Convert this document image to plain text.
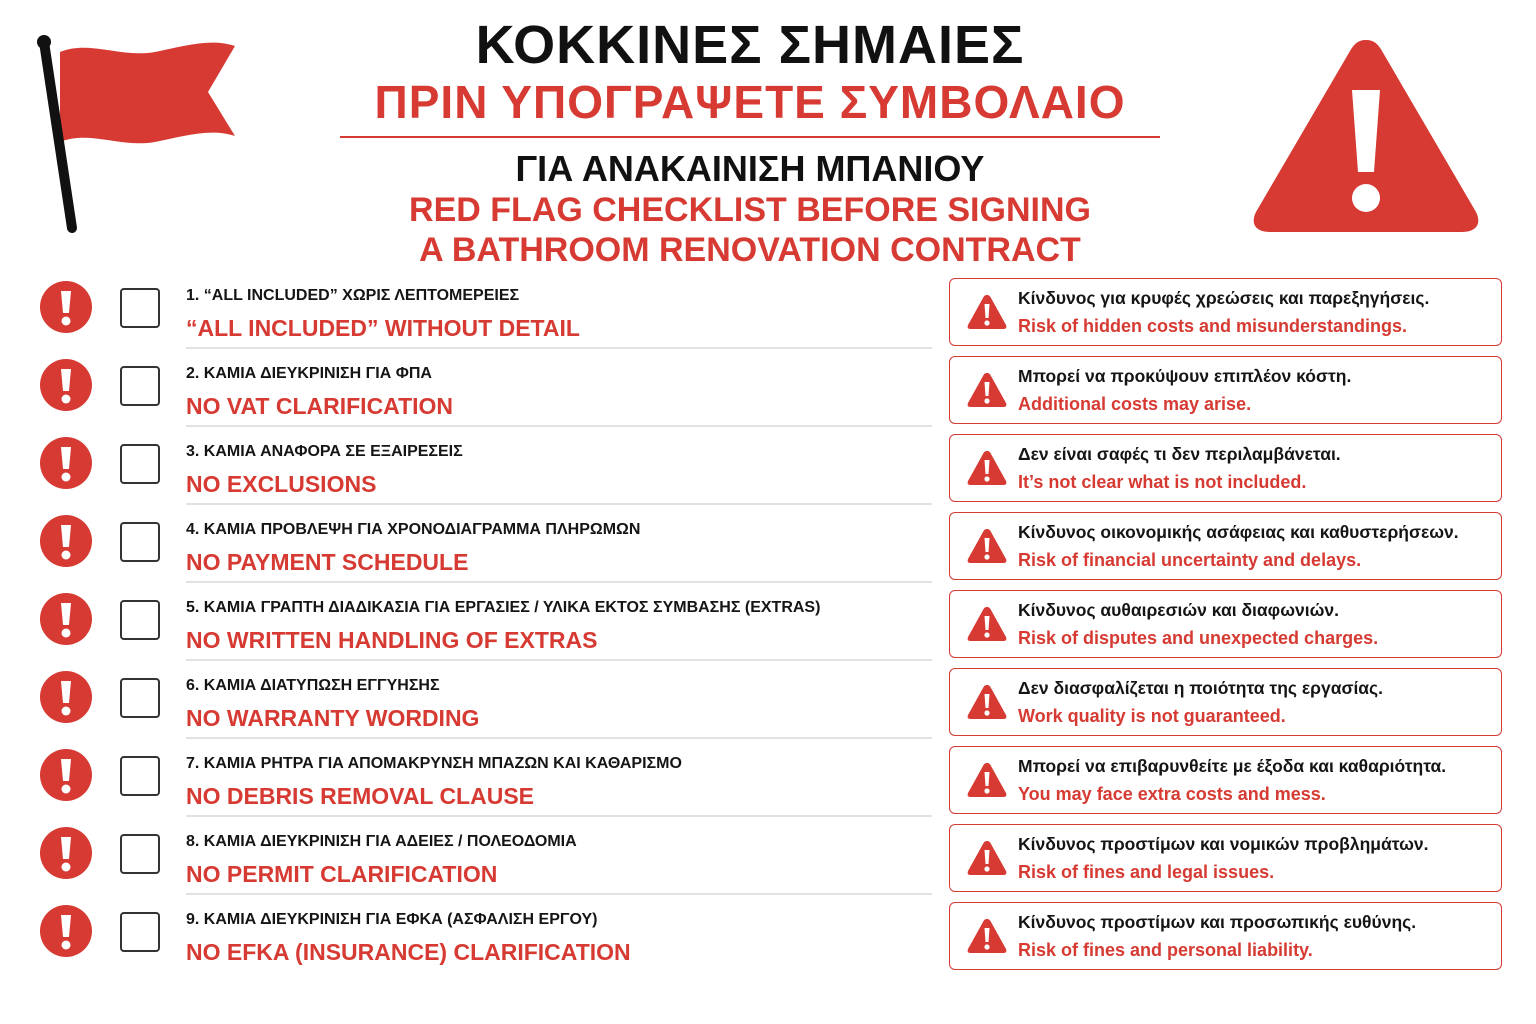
ΚΟΚΚΙΝΕΣ ΣΗΜΑΙΕΣ
ΠΡΙΝ ΥΠΟΓΡΑΨΕΤΕ ΣΥΜΒΟΛΑΙΟ
ΓΙΑ ΑΝΑΚΑΙΝΙΣΗ ΜΠΑΝΙΟΥ
RED FLAG CHECKLIST BEFORE SIGNING
A BATHROOM RENOVATION CONTRACT
1. “ALL INCLUDED” ΧΩΡΙΣ ΛΕΠΤΟΜΕΡΕΙΕΣ
“ALL INCLUDED” WITHOUT DETAIL
Κίνδυνος για κρυφές χρεώσεις και παρεξηγήσεις.
Risk of hidden costs and misunderstandings.
2. ΚΑΜΙΑ ΔΙΕΥΚΡΙΝΙΣΗ ΓΙΑ ΦΠΑ
NO VAT CLARIFICATION
Μπορεί να προκύψουν επιπλέον κόστη.
Additional costs may arise.
3. ΚΑΜΙΑ ΑΝΑΦΟΡΑ ΣΕ ΕΞΑΙΡΕΣΕΙΣ
NO EXCLUSIONS
Δεν είναι σαφές τι δεν περιλαμβάνεται.
It’s not clear what is not included.
4. ΚΑΜΙΑ ΠΡΟΒΛΕΨΗ ΓΙΑ ΧΡΟΝΟΔΙΑΓΡΑΜΜΑ ΠΛΗΡΩΜΩΝ
NO PAYMENT SCHEDULE
Κίνδυνος οικονομικής ασάφειας και καθυστερήσεων.
Risk of financial uncertainty and delays.
5. ΚΑΜΙΑ ΓΡΑΠΤΗ ΔΙΑΔΙΚΑΣΙΑ ΓΙΑ ΕΡΓΑΣΙΕΣ / ΥΛΙΚΑ ΕΚΤΟΣ ΣΥΜΒΑΣΗΣ (EXTRAS)
NO WRITTEN HANDLING OF EXTRAS
Κίνδυνος αυθαιρεσιών και διαφωνιών.
Risk of disputes and unexpected charges.
6. ΚΑΜΙΑ ΔΙΑΤΥΠΩΣΗ ΕΓΓΥΗΣΗΣ
NO WARRANTY WORDING
Δεν διασφαλίζεται η ποιότητα της εργασίας.
Work quality is not guaranteed.
7. ΚΑΜΙΑ ΡΗΤΡΑ ΓΙΑ ΑΠΟΜΑΚΡΥΝΣΗ ΜΠΑΖΩΝ ΚΑΙ ΚΑΘΑΡΙΣΜΟ
NO DEBRIS REMOVAL CLAUSE
Μπορεί να επιβαρυνθείτε με έξοδα και καθαριότητα.
You may face extra costs and mess.
8. ΚΑΜΙΑ ΔΙΕΥΚΡΙΝΙΣΗ ΓΙΑ ΑΔΕΙΕΣ / ΠΟΛΕΟΔΟΜΙΑ
NO PERMIT CLARIFICATION
Κίνδυνος προστίμων και νομικών προβλημάτων.
Risk of fines and legal issues.
9. ΚΑΜΙΑ ΔΙΕΥΚΡΙΝΙΣΗ ΓΙΑ ΕΦΚΑ (ΑΣΦΑΛΙΣΗ ΕΡΓΟΥ)
NO EFKA (INSURANCE) CLARIFICATION
Κίνδυνος προστίμων και προσωπικής ευθύνης.
Risk of fines and personal liability.
